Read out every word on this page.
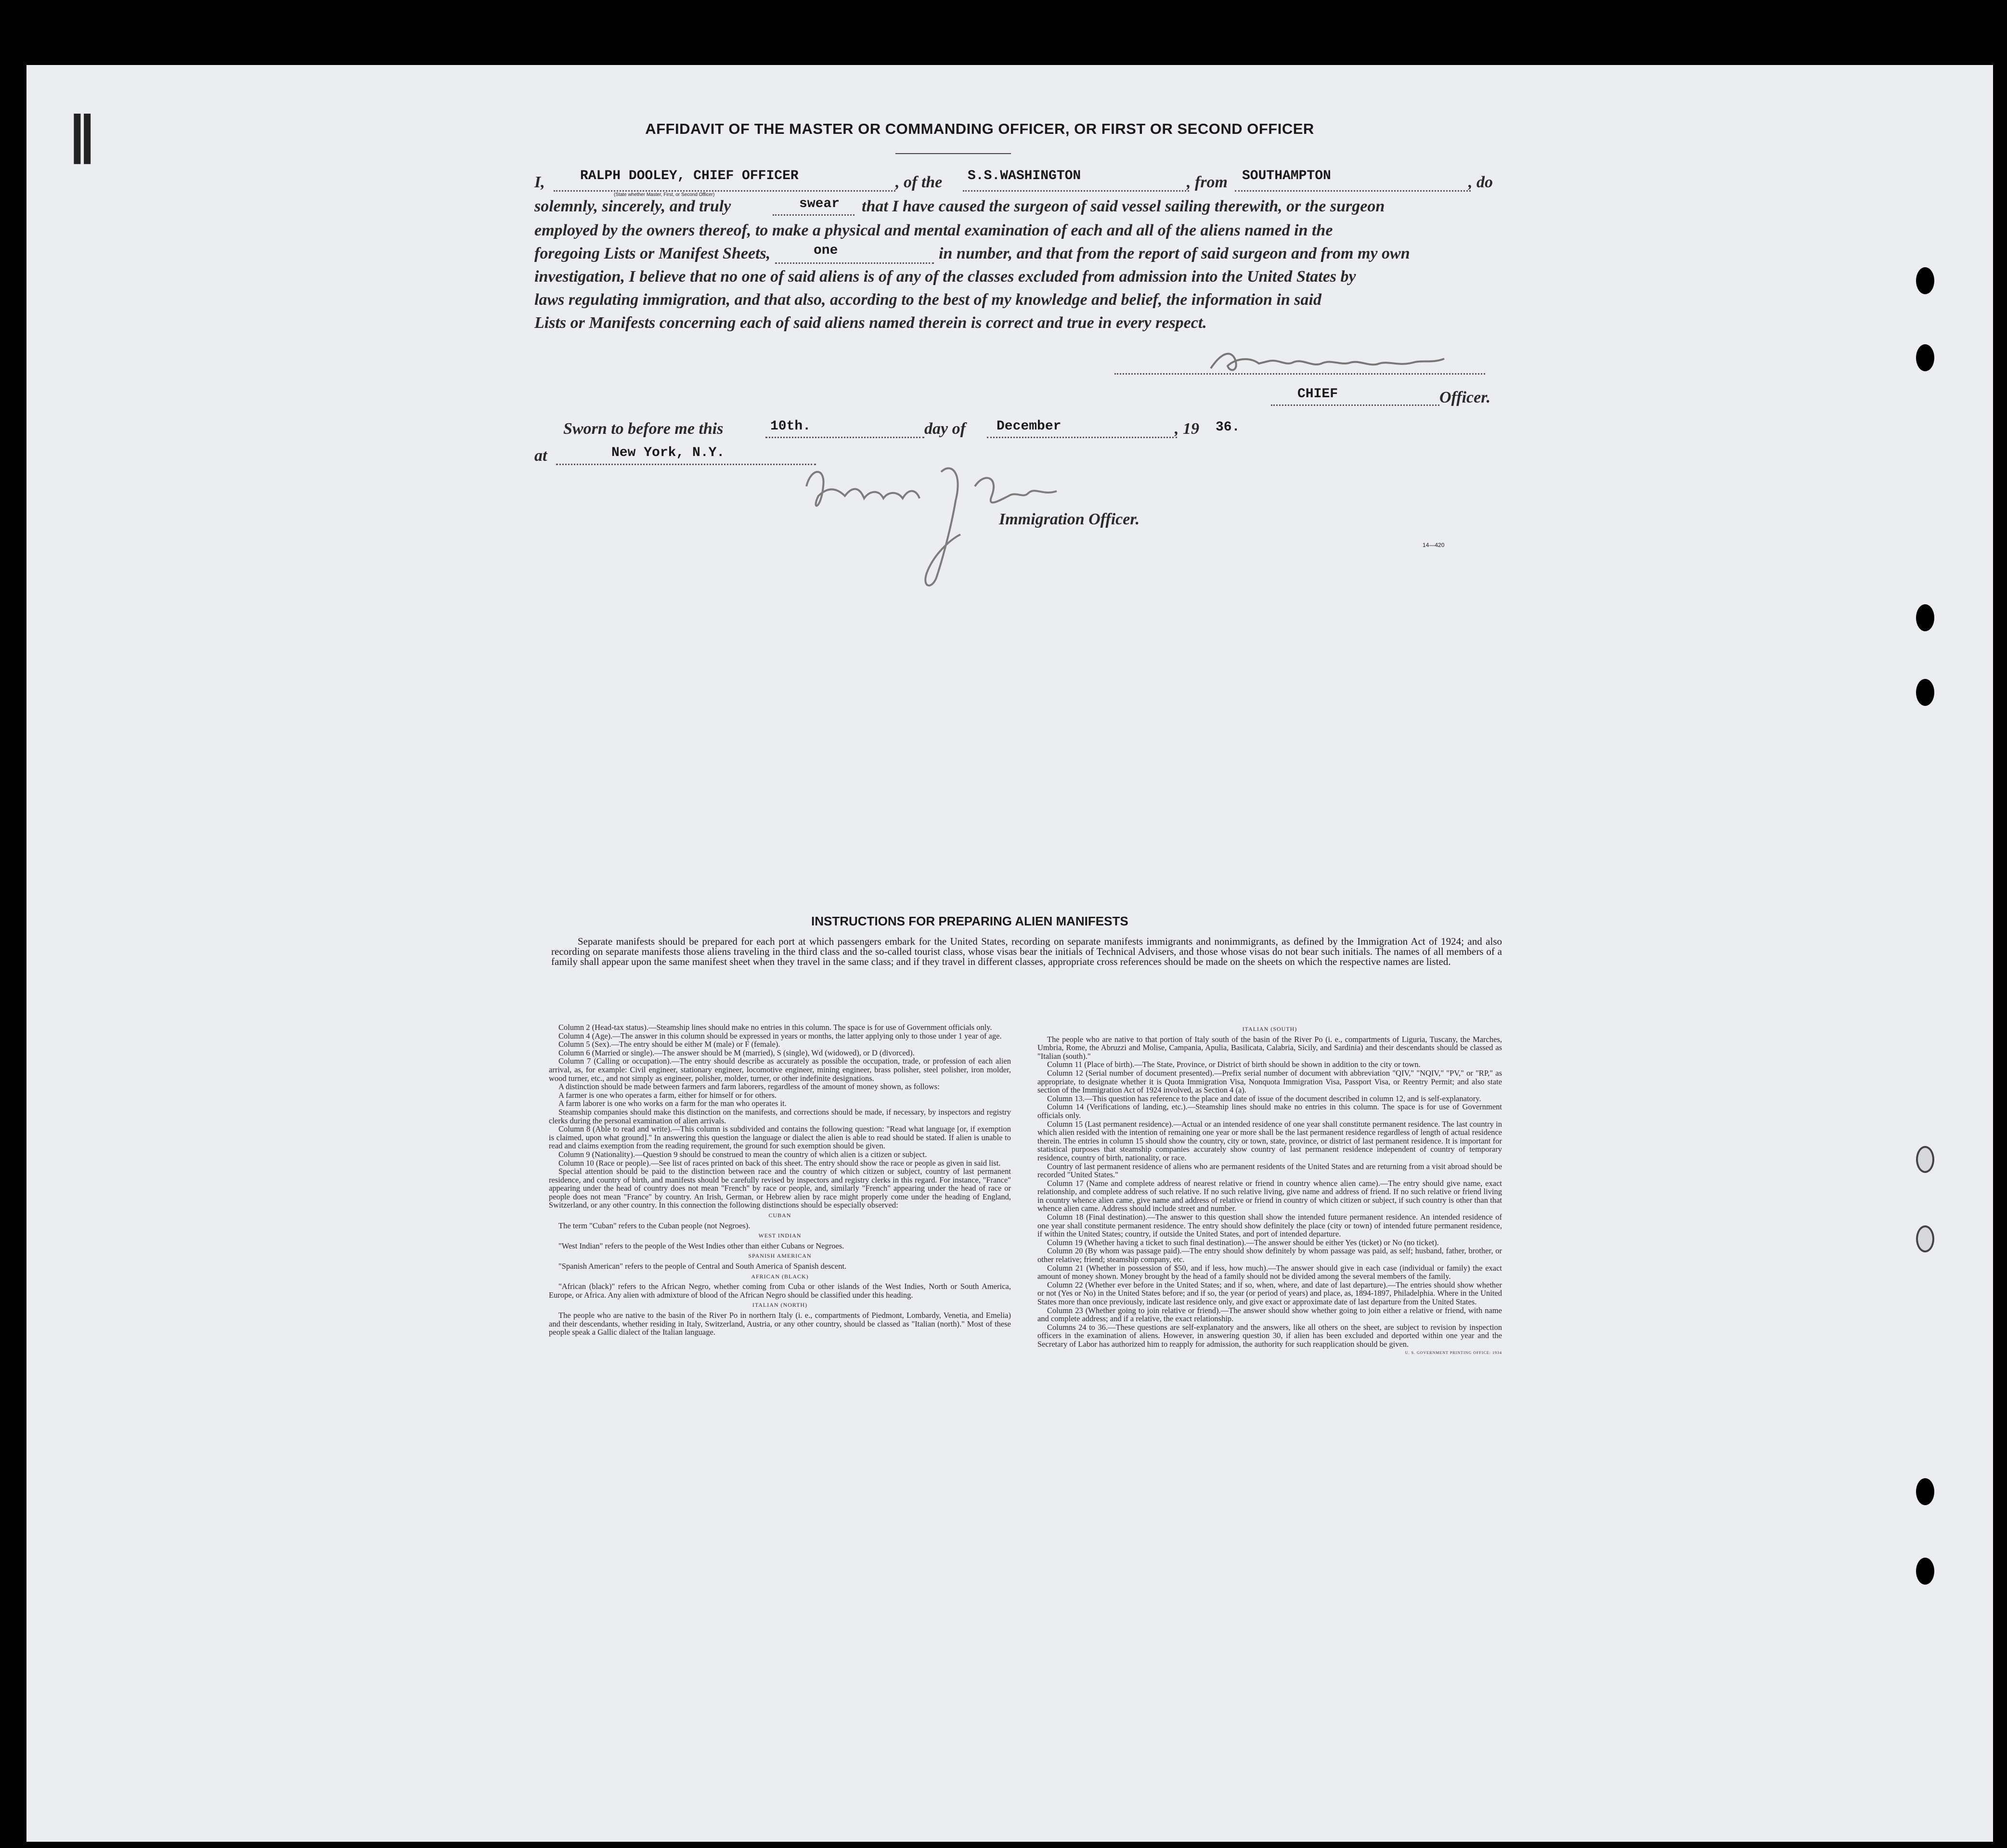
||	AFFIDAVIT OF THE MASTER OR COMMANDING OFFICER, OR FIRST OR SECOND OFFICER
I,	RALPH DOOLEY, CHIEF OFFICER
(State whether Master, First, or Second Officer)
, of the S.S.WASHINGTON	, from SOUTHAMPTON	, do
solemnly, sincerely, and truly	swear that I have caused the surgeon of said vessel sailing therewith, or the surgeon
employed by the owners thereof, to make a physical and mental examination of each and all of the aliens named in the
foregoing Lists or Manifest Sheets,	one	in number, and that from the report of said surgeon and from my own
investigation, I believe that no one of said aliens is of any of the classes excluded from admission into the United States by
laws regulating immigration, and that also, according to the best of my knowledge and belief, the information in said
Lists or Manifests concerning each of said aliens named therein is correct and true in every respect.
CHIEF	Officer.
Sworn to before me this	10th.	day of December	, 19 36.
at	New York, N.Y.
Immigration Officer.
14—420
INSTRUCTIONS FOR PREPARING ALIEN MANIFESTS
Separate manifests should be prepared for each port at which passengers embark for the United States, recording on separate manifests immigrants and nonimmigrants, as defined by the Immigration Act of 1924; and also recording on separate manifests those aliens traveling in the third class and the so-called tourist class, whose visas bear the initials of Technical Advisers, and those whose visas do not bear such initials. The names of all members of a family shall appear upon the same manifest sheet when they travel in the same class; and if they travel in different classes, appropriate cross references should be made on the sheets on which the respective names are listed.

Column 2 (Head-tax status).—Steamship lines should make no entries in this column. The space is for use of Government officials only.

Column 4 (Age).—The answer in this column should be expressed in years or months, the latter applying only to those under 1 year of age.

Column 5 (Sex).—The entry should be either M (male) or F (female).

Column 6 (Married or single).—The answer should be M (married), S (single), Wd (widowed), or D (divorced).

Column 7 (Calling or occupation).—The entry should describe as accurately as possible the occupation, trade, or profession of each alien arrival, as, for example: Civil engineer, stationary engineer, locomotive engineer, mining engineer, brass polisher, steel polisher, iron molder, wood turner, etc., and not simply as engineer, polisher, molder, turner, or other indefinite designations.

A distinction should be made between farmers and farm laborers, regardless of the amount of money shown, as follows:

A farmer is one who operates a farm, either for himself or for others.

A farm laborer is one who works on a farm for the man who operates it.

Steamship companies should make this distinction on the manifests, and corrections should be made, if necessary, by inspectors and registry clerks during the personal examination of alien arrivals.

Column 8 (Able to read and write).—This column is subdivided and contains the following question: "Read what language [or, if exemption is claimed, upon what ground]." In answering this question the language or dialect the alien is able to read should be stated. If alien is unable to read and claims exemption from the reading requirement, the ground for such exemption should be given.

Column 9 (Nationality).—Question 9 should be construed to mean the country of which alien is a citizen or subject.

Column 10 (Race or people).—See list of races printed on back of this sheet. The entry should show the race or people as given in said list.

Special attention should be paid to the distinction between race and the country of which citizen or subject, country of last permanent residence, and country of birth, and manifests should be carefully revised by inspectors and registry clerks in this regard. For instance, "France" appearing under the head of country does not mean "French" by race or people, and, similarly "French" appearing under the head of race or people does not mean "France" by country. An Irish, German, or Hebrew alien by race might properly come under the heading of England, Switzerland, or any other country. In this connection the following distinctions should be especially observed:

CUBAN

The term "Cuban" refers to the Cuban people (not Negroes).

WEST INDIAN

"West Indian" refers to the people of the West Indies other than either Cubans or Negroes.

SPANISH AMERICAN

"Spanish American" refers to the people of Central and South America of Spanish descent.

AFRICAN (BLACK)

"African (black)" refers to the African Negro, whether coming from Cuba or other islands of the West Indies, North or South America, Europe, or Africa. Any alien with admixture of blood of the African Negro should be classified under this heading.

ITALIAN (NORTH)

The people who are native to the basin of the River Po in northern Italy (i. e., compartments of Piedmont, Lombardy, Venetia, and Emelia) and their descendants, whether residing in Italy, Switzerland, Austria, or any other country, should be classed as "Italian (north)." Most of these people speak a Gallic dialect of the Italian language.

ITALIAN (SOUTH)

The people who are native to that portion of Italy south of the basin of the River Po (i. e., compartments of Liguria, Tuscany, the Marches, Umbria, Rome, the Abruzzi and Molise, Campania, Apulia, Basilicata, Calabria, Sicily, and Sardinia) and their descendants should be classed as "Italian (south)."

Column 11 (Place of birth).—The State, Province, or District of birth should be shown in addition to the city or town.

Column 12 (Serial number of document presented).—Prefix serial number of document with abbreviation "QIV," "NQIV," "PV," or "RP," as appropriate, to designate whether it is Quota Immigration Visa, Nonquota Immigration Visa, Passport Visa, or Reentry Permit; and also state section of the Immigration Act of 1924 involved, as Section 4 (a).

Column 13.—This question has reference to the place and date of issue of the document described in column 12, and is self-explanatory.

Column 14 (Verifications of landing, etc.).—Steamship lines should make no entries in this column. The space is for use of Government officials only.

Column 15 (Last permanent residence).—Actual or an intended residence of one year shall constitute permanent residence. The last country in which alien resided with the intention of remaining one year or more shall be the last permanent residence regardless of length of actual residence therein. The entries in column 15 should show the country, city or town, state, province, or district of last permanent residence. It is important for statistical purposes that steamship companies accurately show country of last permanent residence independent of country of temporary residence, country of birth, nationality, or race.

Country of last permanent residence of aliens who are permanent residents of the United States and are returning from a visit abroad should be recorded "United States."

Column 17 (Name and complete address of nearest relative or friend in country whence alien came).—The entry should give name, exact relationship, and complete address of such relative. If no such relative living, give name and address of friend. If no such relative or friend living in country whence alien came, give name and address of relative or friend in country of which citizen or subject, if such country is other than that whence alien came. Address should include street and number.

Column 18 (Final destination).—The answer to this question shall show the intended future permanent residence. An intended residence of one year shall constitute permanent residence. The entry should show definitely the place (city or town) of intended future permanent residence, if within the United States; country, if outside the United States, and port of intended departure.

Column 19 (Whether having a ticket to such final destination).—The answer should be either Yes (ticket) or No (no ticket).

Column 20 (By whom was passage paid).—The entry should show definitely by whom passage was paid, as self; husband, father, brother, or other relative; friend; steamship company, etc.

Column 21 (Whether in possession of $50, and if less, how much).—The answer should give in each case (individual or family) the exact amount of money shown. Money brought by the head of a family should not be divided among the several members of the family.

Column 22 (Whether ever before in the United States; and if so, when, where, and date of last departure).—The entries should show whether or not (Yes or No) in the United States before; and if so, the year (or period of years) and place, as, 1894-1897, Philadelphia. Where in the United States more than once previously, indicate last residence only, and give exact or approximate date of last departure from the United States.

Column 23 (Whether going to join relative or friend).—The answer should show whether going to join either a relative or friend, with name and complete address; and if a relative, the exact relationship.

Columns 24 to 36.—These questions are self-explanatory and the answers, like all others on the sheet, are subject to revision by inspection officers in the examination of aliens. However, in answering question 30, if alien has been excluded and deported within one year and the Secretary of Labor has authorized him to reapply for admission, the authority for such reapplication should be given.

U. S. GOVERNMENT PRINTING OFFICE: 1934
